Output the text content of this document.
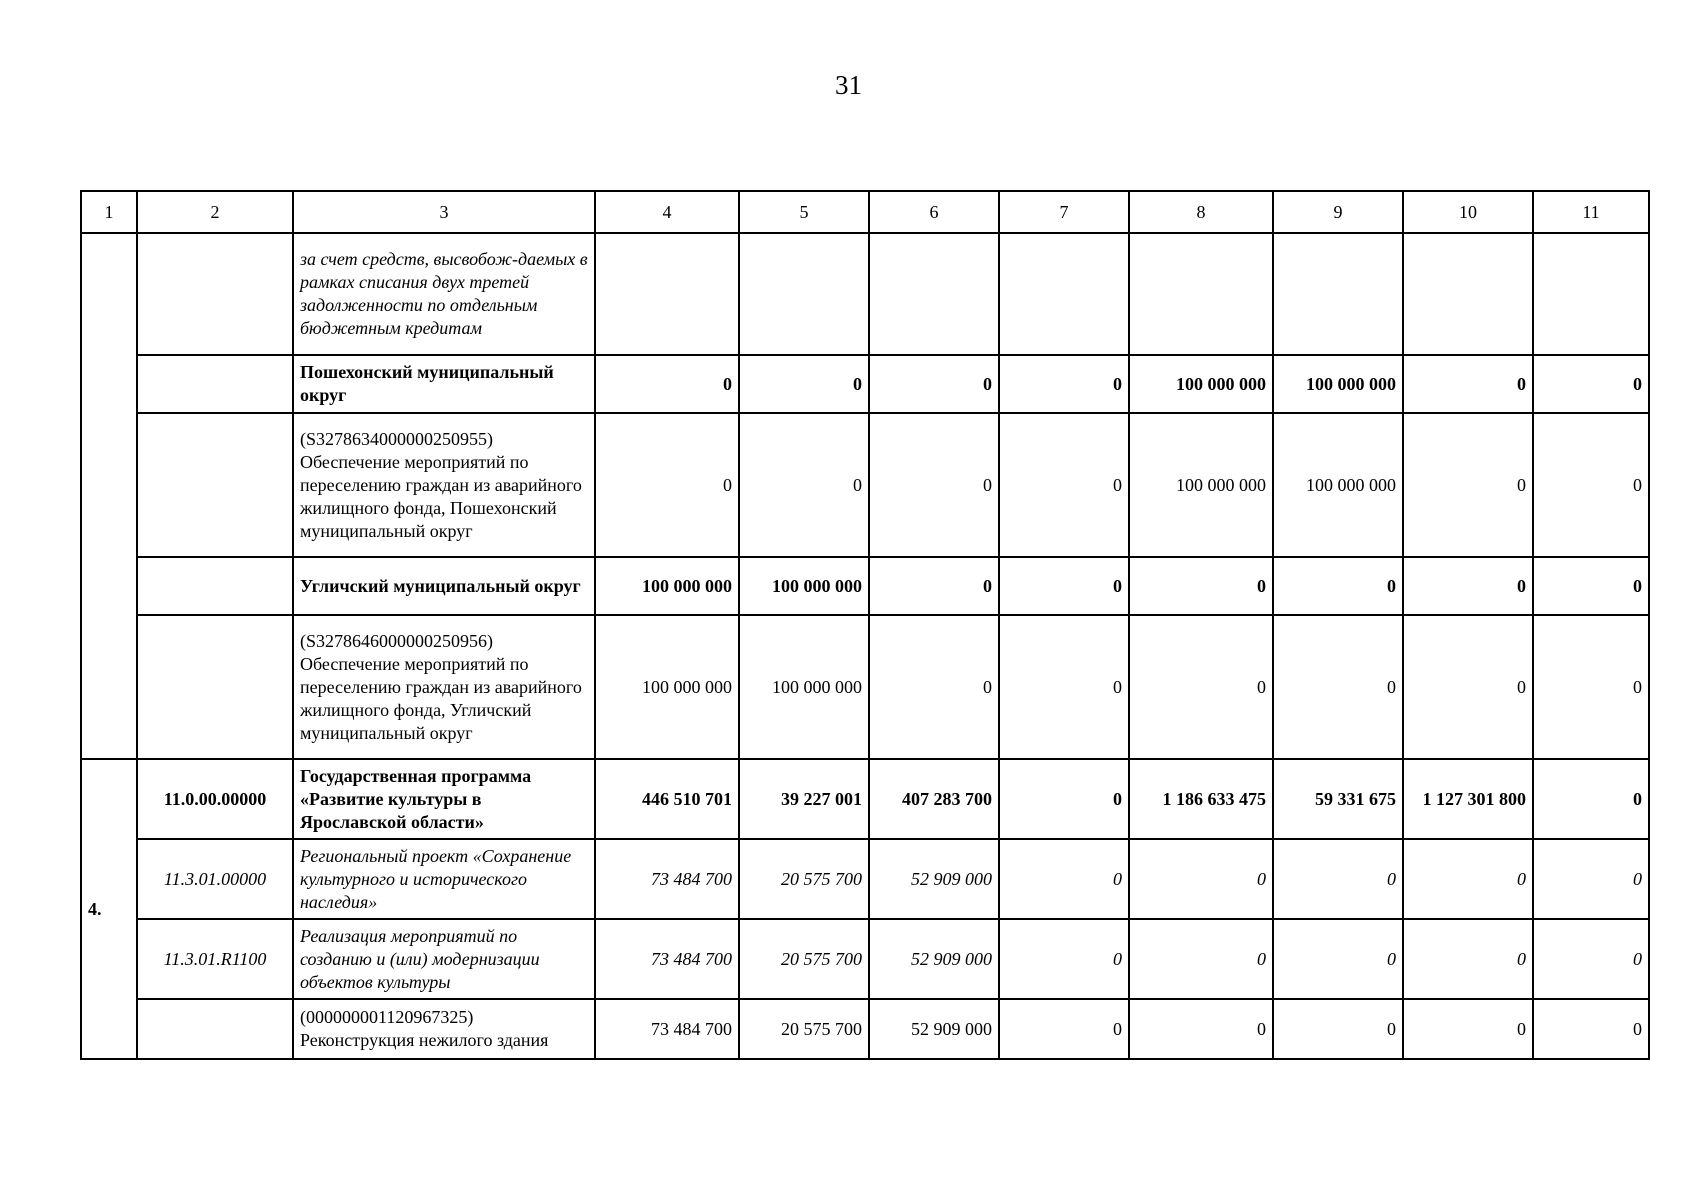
31
1	2	3	4	5	6	7	8	9	10	11
		за счет средств, высвобож-даемых в рамках списания двух третей задолженности по отдельным бюджетным кредитам								
		Пошехонский муниципальный округ	0	0	0	0	100 000 000	100 000 000	0	0
		(S3278634000000250955) Обеспечение мероприятий по переселению граждан из аварийного жилищного фонда, Пошехонский муниципальный округ	0	0	0	0	100 000 000	100 000 000	0	0
		Угличский муниципальный округ	100 000 000	100 000 000	0	0	0	0	0	0
		(S3278646000000250956) Обеспечение мероприятий по переселению граждан из аварийного жилищного фонда, Угличский муниципальный округ	100 000 000	100 000 000	0	0	0	0	0	0
4.	11.0.00.00000	Государственная программа «Развитие культуры в Ярославской области»	446 510 701	39 227 001	407 283 700	0	1 186 633 475	59 331 675	1 127 301 800	0
	11.3.01.00000	Региональный проект «Сохранение культурного и исторического наследия»	73 484 700	20 575 700	52 909 000	0	0	0	0	0
	11.3.01.R1100	Реализация мероприятий по созданию и (или) модернизации объектов культуры	73 484 700	20 575 700	52 909 000	0	0	0	0	0
		(000000001120967325) Реконструкция нежилого здания	73 484 700	20 575 700	52 909 000	0	0	0	0	0
